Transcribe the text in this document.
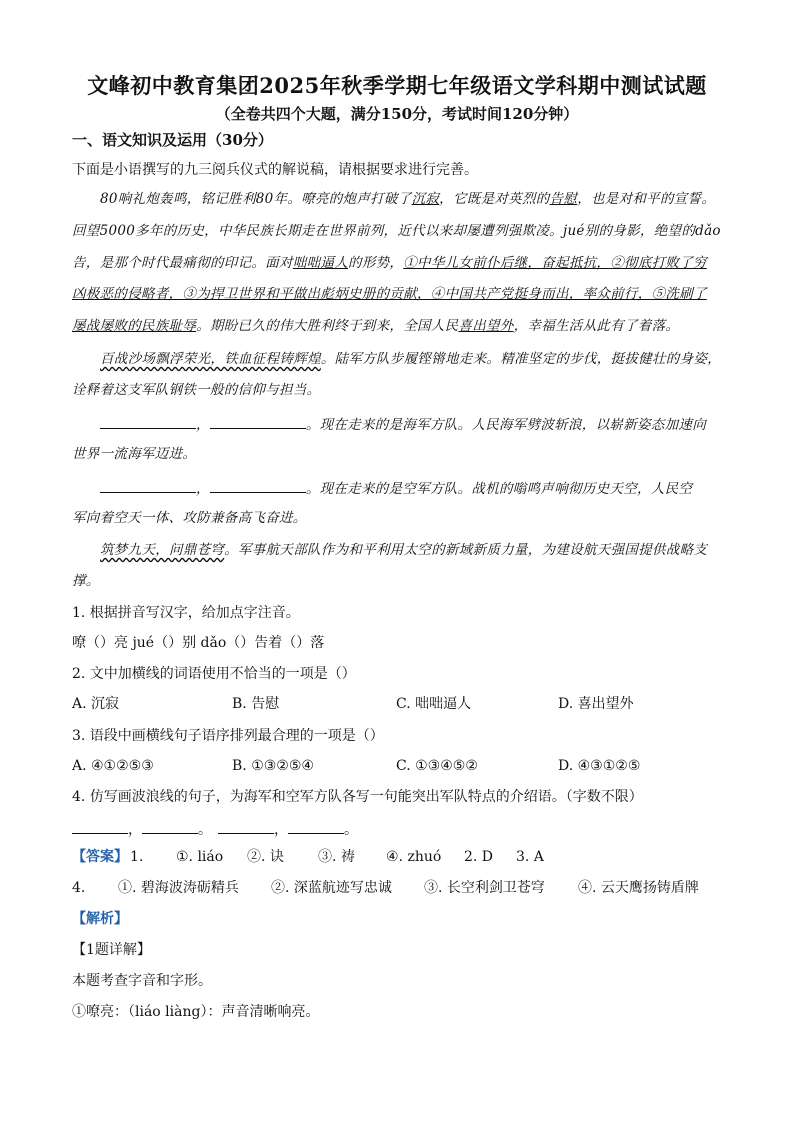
文峰初中教育集团2025年秋季学期七年级语文学科期中测试试题
（全卷共四个大题，满分150分，考试时间120分钟）
一、语文知识及运用（30分）
下面是小语撰写的九三阅兵仪式的解说稿，请根据要求进行完善。
80响礼炮轰鸣，铭记胜利80年。嘹亮的炮声打破了沉寂，它既是对英烈的告慰，也是对和平的宣誓。
回望5000多年的历史，中华民族长期走在世界前列，近代以来却屡遭列强欺凌。jué别的身影，绝望的dǎo
告，是那个时代最痛彻的印记。面对咄咄逼人的形势，①中华儿女前仆后继，奋起抵抗，②彻底打败了穷
凶极恶的侵略者，③为捍卫世界和平做出彪炳史册的贡献，④中国共产党挺身而出，率众前行，⑤洗刷了
屡战屡败的民族耻辱。期盼已久的伟大胜利终于到来，全国人民喜出望外，幸福生活从此有了着落。
百战沙场飘浮荣光，铁血征程铸辉煌。陆军方队步履铿锵地走来。精准坚定的步伐，挺拔健壮的身姿，
诠释着这支军队钢铁一般的信仰与担当。
，	。现在走来的是海军方队。人民海军劈波斩浪，以崭新姿态加速向
世界一流海军迈进。
，	。现在走来的是空军方队。战机的嗡鸣声响彻历史天空，人民空
军向着空天一体、攻防兼备高飞奋进。
筑梦九天，问鼎苍穹。军事航天部队作为和平利用太空的新域新质力量，为建设航天强国提供战略支
撑。
1. 根据拼音写汉字，给加点字注音。
嘹（）亮 jué（）别 dǎo（）告着（）落
2. 文中加横线的词语使用不恰当的一项是（）
A. 沉寂	B. 告慰	C. 咄咄逼人	D. 喜出望外
3. 语段中画横线句子语序排列最合理的一项是（）
A. ④①②⑤③	B. ①③②⑤④	C. ①③④⑤②	D. ④③①②⑤
4. 仿写画波浪线的句子，为海军和空军方队各写一句能突出军队特点的介绍语。（字数不限）
，	。	，	。
【答案】 1. ①. liáo ②. 诀 ③. 祷 ④. zhuó 2. D 3. A
4. ①. 碧海波涛砺精兵 ②. 深蓝航迹写忠诚 ③. 长空利剑卫苍穹 ④. 云天鹰扬铸盾牌
【解析】
【1题详解】
本题考查字音和字形。
①嘹亮：（liáo liàng）：声音清晰响亮。
